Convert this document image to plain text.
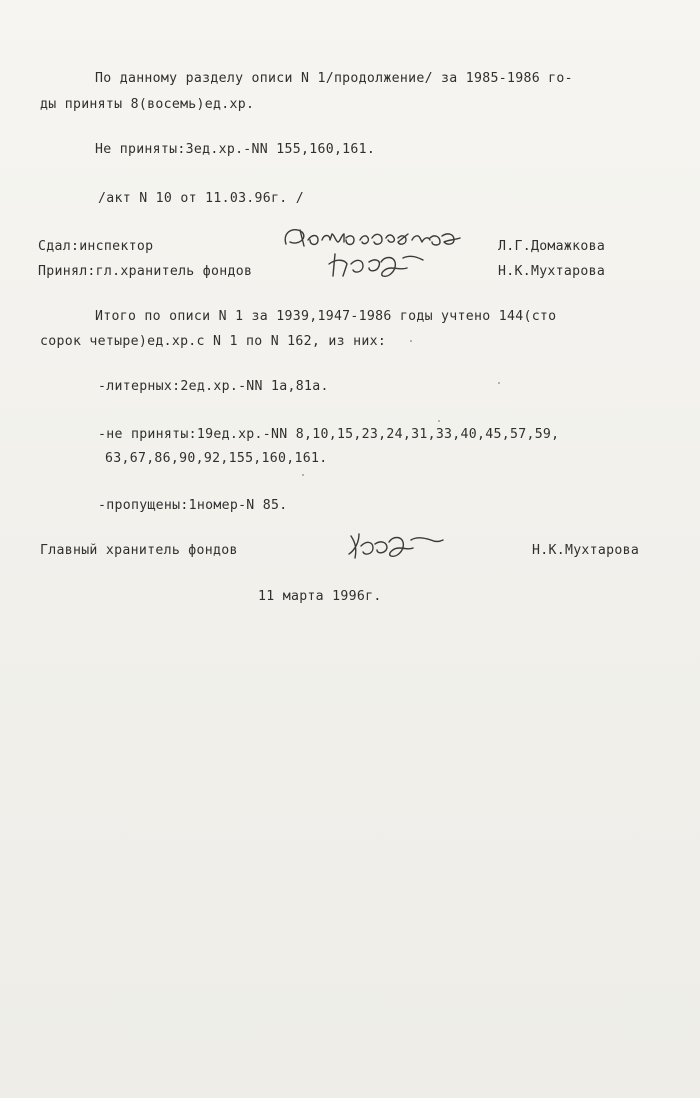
По данному разделу описи N 1/продолжение/ за 1985-1986 го-
ды приняты 8(восемь)ед.хр.
Не приняты:3ед.хр.-NN 155,160,161.
/акт N 10 от 11.03.96г. /
Сдал:инспектор	Л.Г.Домажкова
Принял:гл.хранитель фондов	Н.К.Мухтарова
Итого по описи N 1 за 1939,1947-1986 годы учтено 144(сто
сорок четыре)ед.хр.с N 1 по N 162, из них:
-литерных:2ед.хр.-NN 1а,81а.
-не приняты:19ед.хр.-NN 8,10,15,23,24,31,33,40,45,57,59,
63,67,86,90,92,155,160,161.
-пропущены:1номер-N 85.
Главный хранитель фондов	Н.К.Мухтарова
11 марта 1996г.
